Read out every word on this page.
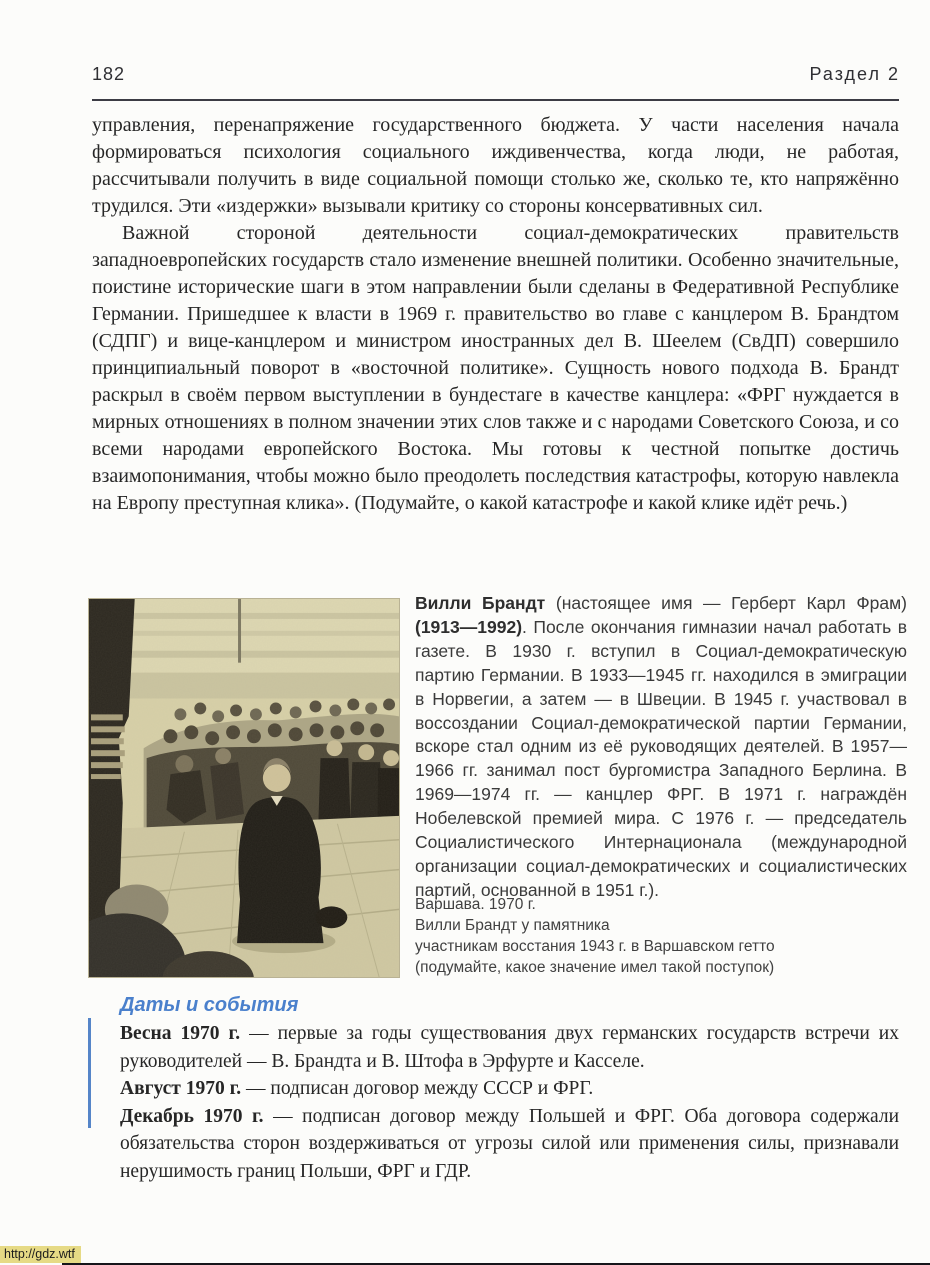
182	Раздел 2

управления, перенапряжение государственного бюджета. У части населения начала формироваться психология социального иждивенчества, когда люди, не работая, рассчитывали получить в виде социальной помощи столько же, сколько те, кто напряжённо трудился. Эти «издержки» вызывали критику со стороны консервативных сил.

Важной стороной деятельности социал-демократических правительств западноевропейских государств стало изменение внешней политики. Особенно значительные, поистине исторические шаги в этом направлении были сделаны в Федеративной Республике Германии. Пришедшее к власти в 1969 г. правительство во главе с канцлером В. Брандтом (СДПГ) и вице-канцлером и министром иностранных дел В. Шеелем (СвДП) совершило принципиальный поворот в «восточной политике». Сущность нового подхода В. Брандт раскрыл в своём первом выступлении в бундестаге в качестве канцлера: «ФРГ нуждается в мирных отношениях в полном значении этих слов также и с народами Советского Союза, и со всеми народами европейского Востока. Мы готовы к честной попытке достичь взаимопонимания, чтобы можно было преодолеть последствия катастрофы, которую навлекла на Европу преступная клика». (Подумайте, о какой катастрофе и какой клике идёт речь.)

Вилли Брандт (настоящее имя — Герберт Карл Фрам) (1913—1992). После окончания гимназии начал работать в газете. В 1930 г. вступил в Социал-демократическую партию Германии. В 1933—1945 гг. находился в эмиграции в Норвегии, а затем — в Швеции. В 1945 г. участвовал в воссоздании Социал-демократической партии Германии, вскоре стал одним из её руководящих деятелей. В 1957—1966 гг. занимал пост бургомистра Западного Берлина. В 1969—1974 гг. — канцлер ФРГ. В 1971 г. награждён Нобелевской премией мира. С 1976 г. — председатель Социалистического Интернационала (международной организации социал-демократических и социалистических партий, основанной в 1951 г.).
Варшава. 1970 г.
Вилли Брандт у памятника
участникам восстания 1943 г. в Варшавском гетто
(подумайте, какое значение имел такой поступок)
Даты и события

Весна 1970 г. — первые за годы существования двух германских государств встречи их руководителей — В. Брандта и В. Штофа в Эрфурте и Касселе.

Август 1970 г. — подписан договор между СССР и ФРГ.

Декабрь 1970 г. — подписан договор между Польшей и ФРГ. Оба договора содержали обязательства сторон воздерживаться от угрозы силой или применения силы, признавали нерушимость границ Польши, ФРГ и ГДР.

http://gdz.wtf
